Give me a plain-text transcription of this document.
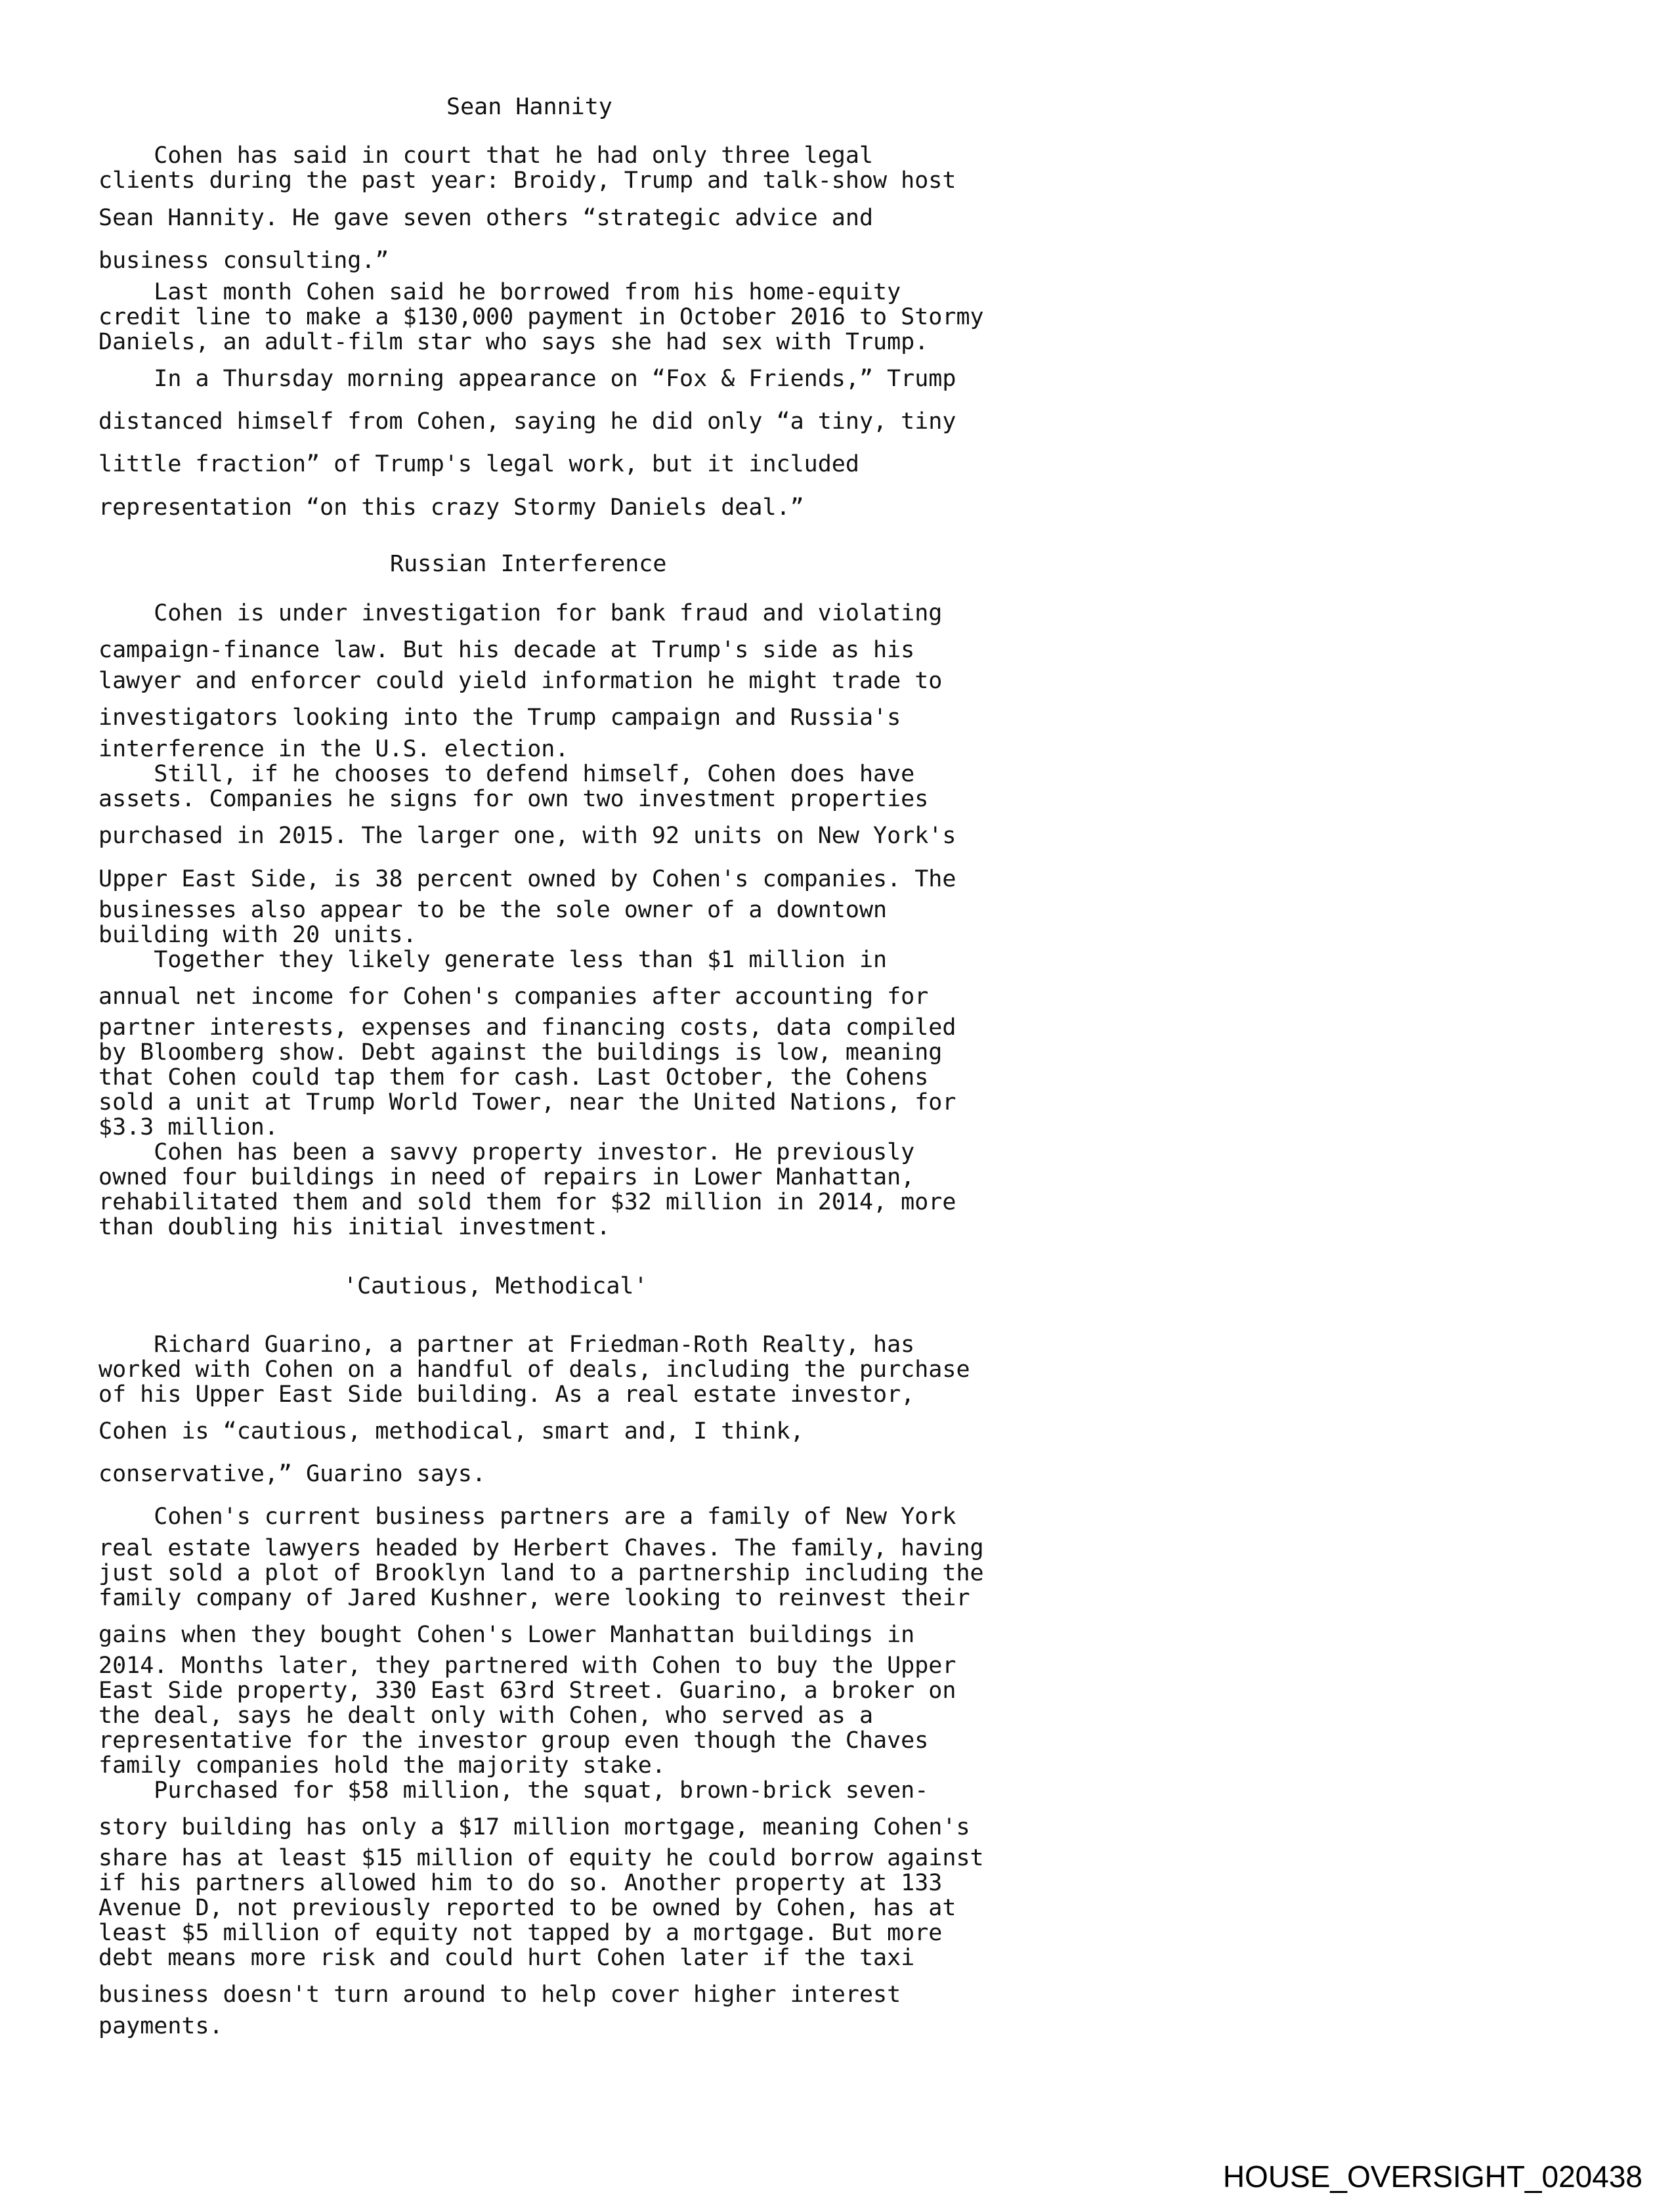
Sean Hannity
Cohen has said in court that he had only three legal
clients during the past year: Broidy, Trump and talk-show host
Sean Hannity. He gave seven others “strategic advice and
business consulting.”
Last month Cohen said he borrowed from his home-equity
credit line to make a $130,000 payment in October 2016 to Stormy
Daniels, an adult-film star who says she had sex with Trump.
In a Thursday morning appearance on “Fox & Friends,” Trump
distanced himself from Cohen, saying he did only “a tiny, tiny
little fraction” of Trump's legal work, but it included
representation “on this crazy Stormy Daniels deal.”
Russian Interference
Cohen is under investigation for bank fraud and violating
campaign-finance law. But his decade at Trump's side as his
lawyer and enforcer could yield information he might trade to
investigators looking into the Trump campaign and Russia's
interference in the U.S. election.
Still, if he chooses to defend himself, Cohen does have
assets. Companies he signs for own two investment properties
purchased in 2015. The larger one, with 92 units on New York's
Upper East Side, is 38 percent owned by Cohen's companies. The
businesses also appear to be the sole owner of a downtown
building with 20 units.
Together they likely generate less than $1 million in
annual net income for Cohen's companies after accounting for
partner interests, expenses and financing costs, data compiled
by Bloomberg show. Debt against the buildings is low, meaning
that Cohen could tap them for cash. Last October, the Cohens
sold a unit at Trump World Tower, near the United Nations, for
$3.3 million.
Cohen has been a savvy property investor. He previously
owned four buildings in need of repairs in Lower Manhattan,
rehabilitated them and sold them for $32 million in 2014, more
than doubling his initial investment.
'Cautious, Methodical'
Richard Guarino, a partner at Friedman-Roth Realty, has
worked with Cohen on a handful of deals, including the purchase
of his Upper East Side building. As a real estate investor,
Cohen is “cautious, methodical, smart and, I think,
conservative,” Guarino says.
Cohen's current business partners are a family of New York
real estate lawyers headed by Herbert Chaves. The family, having
just sold a plot of Brooklyn land to a partnership including the
family company of Jared Kushner, were looking to reinvest their
gains when they bought Cohen's Lower Manhattan buildings in
2014. Months later, they partnered with Cohen to buy the Upper
East Side property, 330 East 63rd Street. Guarino, a broker on
the deal, says he dealt only with Cohen, who served as a
representative for the investor group even though the Chaves
family companies hold the majority stake.
Purchased for $58 million, the squat, brown-brick seven-
story building has only a $17 million mortgage, meaning Cohen's
share has at least $15 million of equity he could borrow against
if his partners allowed him to do so. Another property at 133
Avenue D, not previously reported to be owned by Cohen, has at
least $5 million of equity not tapped by a mortgage. But more
debt means more risk and could hurt Cohen later if the taxi
business doesn't turn around to help cover higher interest
payments.
HOUSE_OVERSIGHT_020438
